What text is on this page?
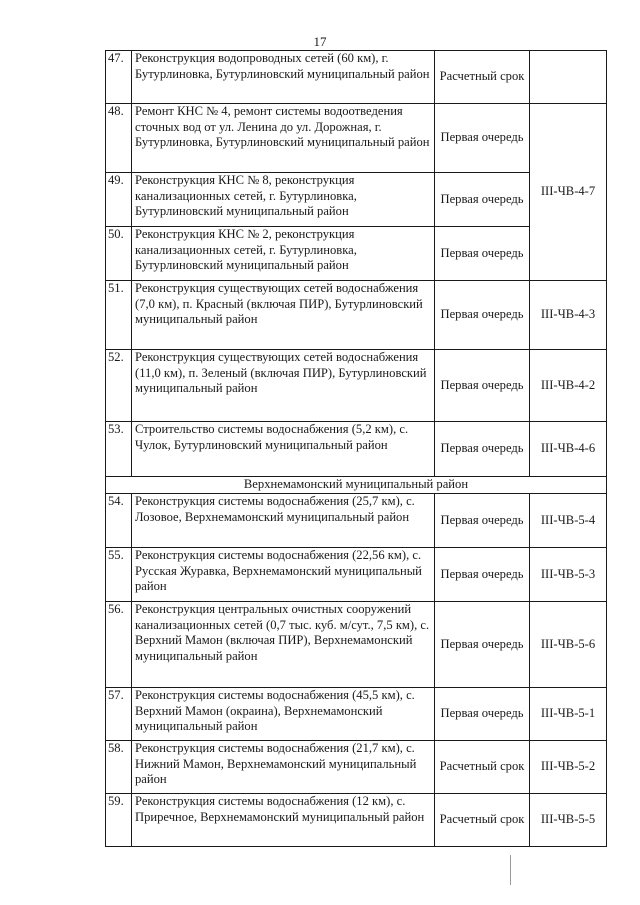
17
47.	Реконструкция водопроводных сетей (60 км), г. Бутурлиновка, Бутурлиновский муниципальный район	Расчетный срок	
48.	Ремонт КНС № 4, ремонт системы водоотведения сточных вод от ул. Ленина до ул. Дорожная, г. Бутурлиновка, Бутурлиновский муниципальный район	Первая очередь	III-ЧВ-4-7
49.	Реконструкция КНС № 8, реконструкция канализационных сетей, г. Бутурлиновка, Бутурлиновский муниципальный район	Первая очередь	
50.	Реконструкция КНС № 2, реконструкция канализационных сетей, г. Бутурлиновка, Бутурлиновский муниципальный район	Первая очередь	
51.	Реконструкция существующих сетей водоснабжения (7,0 км), п. Красный (включая ПИР), Бутурлиновский муниципальный район	Первая очередь	III-ЧВ-4-3
52.	Реконструкция существующих сетей водоснабжения (11,0 км), п. Зеленый (включая ПИР), Бутурлиновский муниципальный район	Первая очередь	III-ЧВ-4-2
53.	Строительство системы водоснабжения (5,2 км), с. Чулок, Бутурлиновский муниципальный район	Первая очередь	III-ЧВ-4-6
Верхнемамонский муниципальный район			
54.	Реконструкция системы водоснабжения (25,7 км), с. Лозовое, Верхнемамонский муниципальный район	Первая очередь	III-ЧВ-5-4
55.	Реконструкция системы водоснабжения (22,56 км), с. Русская Журавка, Верхнемамонский муниципальный район	Первая очередь	III-ЧВ-5-3
56.	Реконструкция центральных очистных сооружений канализационных сетей (0,7 тыс. куб. м/сут., 7,5 км), с. Верхний Мамон (включая ПИР), Верхнемамонский муниципальный район	Первая очередь	III-ЧВ-5-6
57.	Реконструкция системы водоснабжения (45,5 км), с. Верхний Мамон (окраина), Верхнемамонский муниципальный район	Первая очередь	III-ЧВ-5-1
58.	Реконструкция системы водоснабжения (21,7 км), с. Нижний Мамон, Верхнемамонский муниципальный район	Расчетный срок	III-ЧВ-5-2
59.	Реконструкция системы водоснабжения (12 км), с. Приречное, Верхнемамонский муниципальный район	Расчетный срок	III-ЧВ-5-5
